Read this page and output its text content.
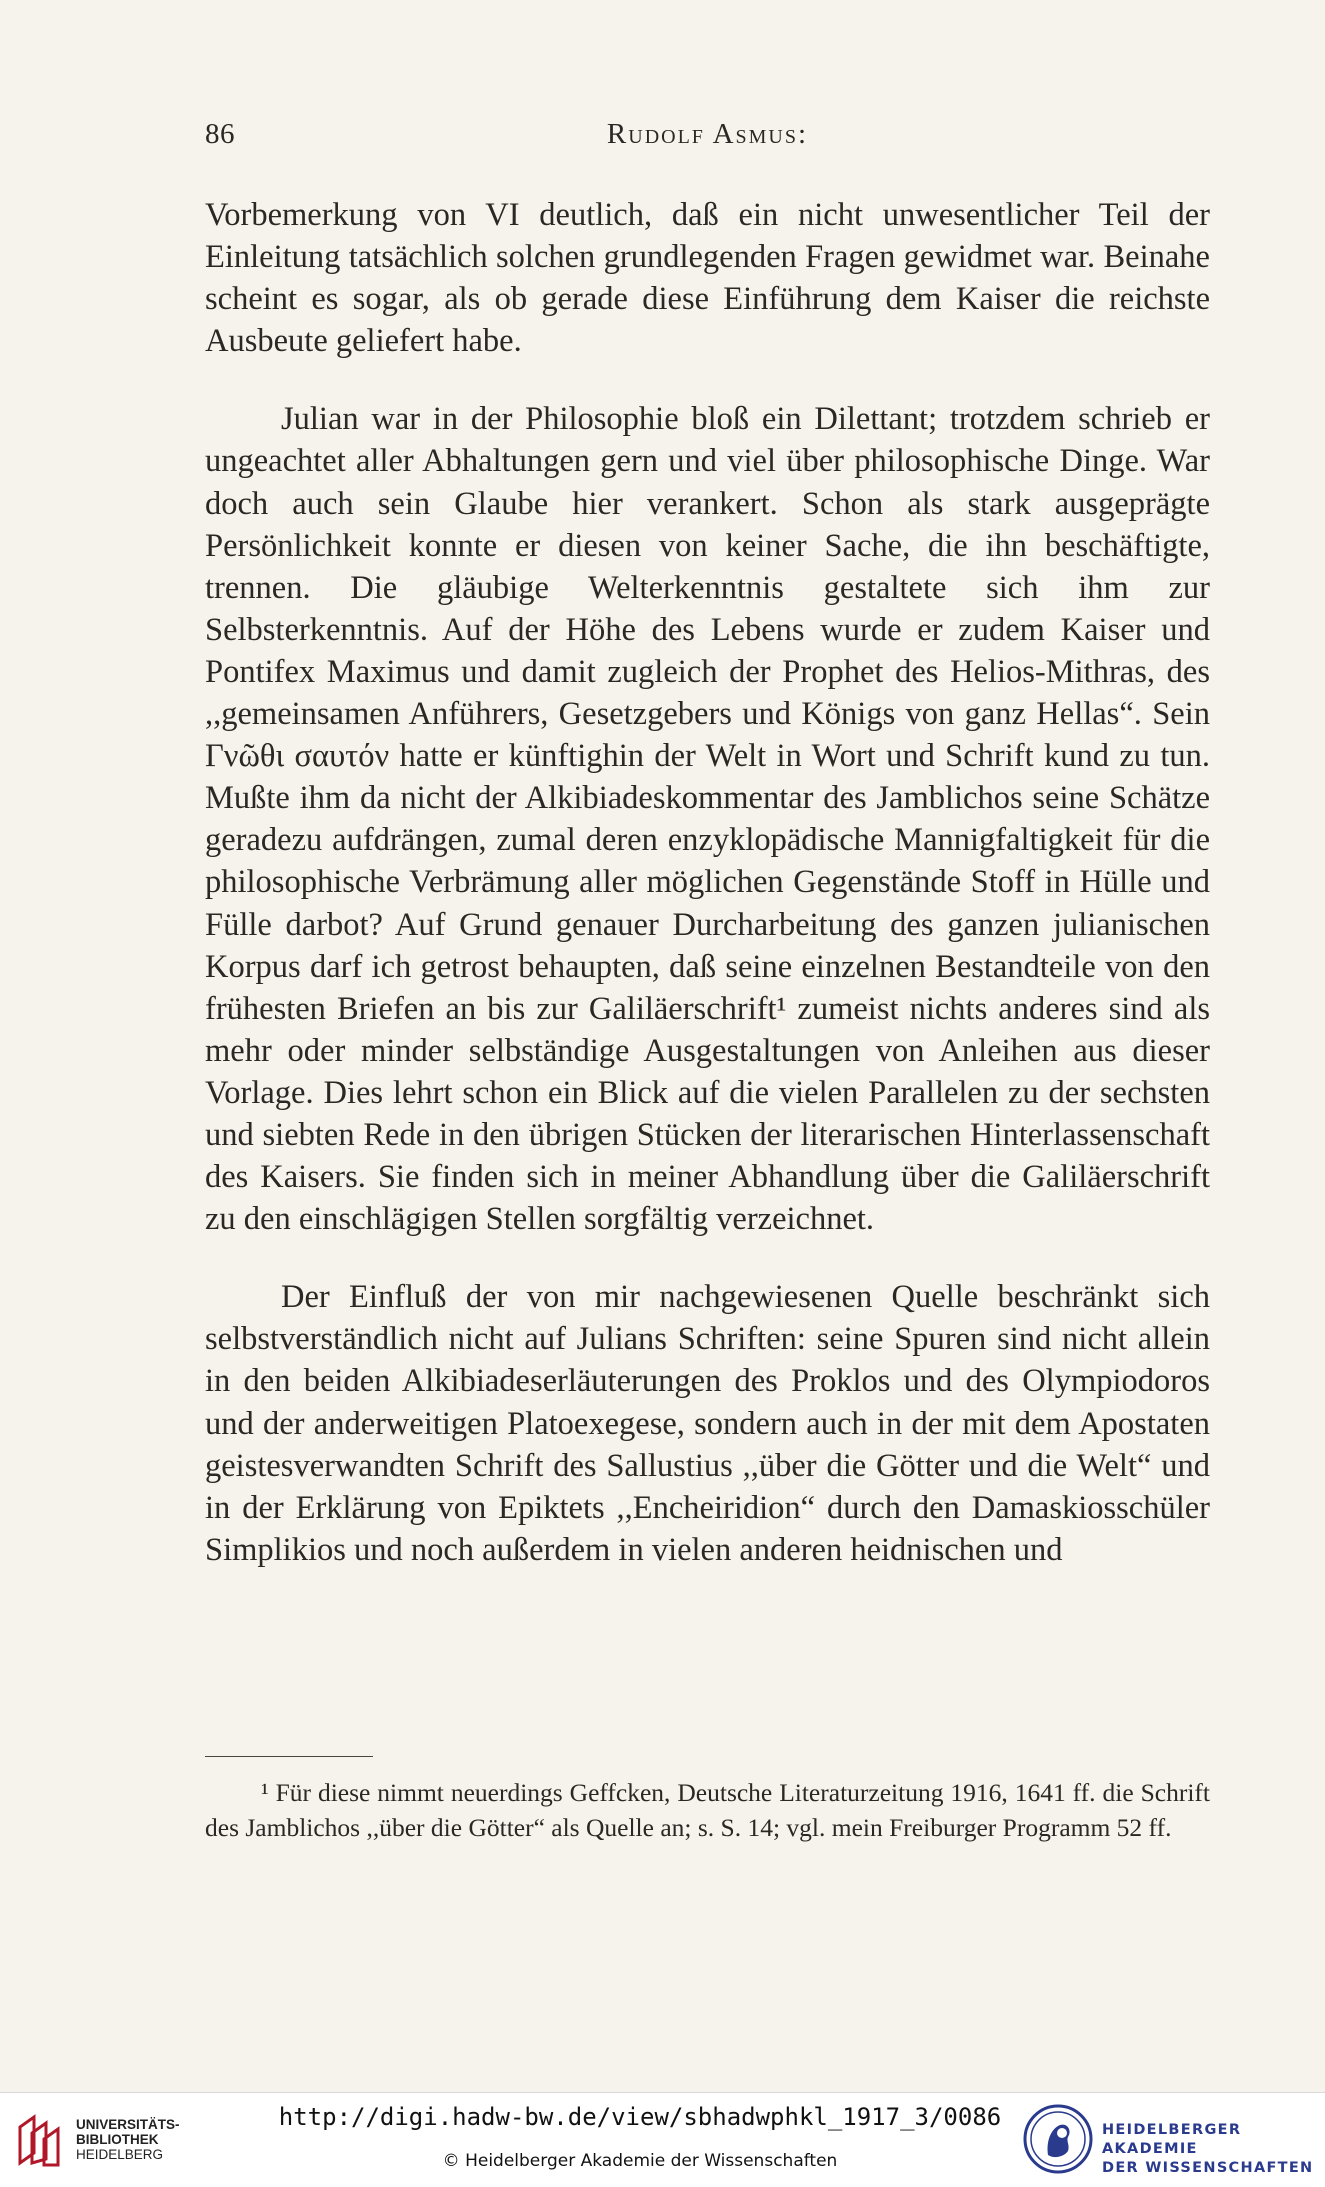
86	Rudolf Asmus:

Vorbemerkung von VI deutlich, daß ein nicht unwesentlicher Teil der Einleitung tatsächlich solchen grundlegenden Fragen gewidmet war. Beinahe scheint es sogar, als ob gerade diese Einführung dem Kaiser die reichste Ausbeute geliefert habe.

Julian war in der Philosophie bloß ein Dilettant; trotzdem schrieb er ungeachtet aller Abhaltungen gern und viel über philosophische Dinge. War doch auch sein Glaube hier verankert. Schon als stark ausgeprägte Persönlichkeit konnte er diesen von keiner Sache, die ihn beschäftigte, trennen. Die gläubige Welterkenntnis gestaltete sich ihm zur Selbsterkenntnis. Auf der Höhe des Lebens wurde er zudem Kaiser und Pontifex Maximus und damit zugleich der Prophet des Helios-Mithras, des ,,gemeinsamen Anführers, Gesetzgebers und Königs von ganz Hellas“. Sein Γνῶθι σαυτόν hatte er künftighin der Welt in Wort und Schrift kund zu tun. Mußte ihm da nicht der Alkibiadeskommentar des Jamblichos seine Schätze geradezu aufdrängen, zumal deren enzyklopädische Mannigfaltigkeit für die philosophische Verbrämung aller möglichen Gegenstände Stoff in Hülle und Fülle darbot? Auf Grund genauer Durcharbeitung des ganzen julianischen Korpus darf ich getrost behaupten, daß seine einzelnen Bestandteile von den frühesten Briefen an bis zur Galiläerschrift¹ zumeist nichts anderes sind als mehr oder minder selbständige Ausgestaltungen von Anleihen aus dieser Vorlage. Dies lehrt schon ein Blick auf die vielen Parallelen zu der sechsten und siebten Rede in den übrigen Stücken der literarischen Hinterlassenschaft des Kaisers. Sie finden sich in meiner Abhandlung über die Galiläerschrift zu den einschlägigen Stellen sorgfältig verzeichnet.

Der Einfluß der von mir nachgewiesenen Quelle beschränkt sich selbstverständlich nicht auf Julians Schriften: seine Spuren sind nicht allein in den beiden Alkibiadeserläuterungen des Proklos und des Olympiodoros und der anderweitigen Platoexegese, sondern auch in der mit dem Apostaten geistesverwandten Schrift des Sallustius ,,über die Götter und die Welt“ und in der Erklärung von Epiktets ,,Encheiridion“ durch den Damaskiosschüler Simplikios und noch außerdem in vielen anderen heidnischen und

¹ Für diese nimmt neuerdings Geffcken, Deutsche Literaturzeitung 1916, 1641 ff. die Schrift des Jamblichos ,,über die Götter“ als Quelle an; s. S. 14; vgl. mein Freiburger Programm 52 ff.
UNIVERSITÄTS-
BIBLIOTHEK
HEIDELBERG
http://digi.hadw-bw.de/view/sbhadwphkl_1917_3/0086
© Heidelberger Akademie der Wissenschaften
HEIDELBERGER AKADEMIE
DER WISSENSCHAFTEN
